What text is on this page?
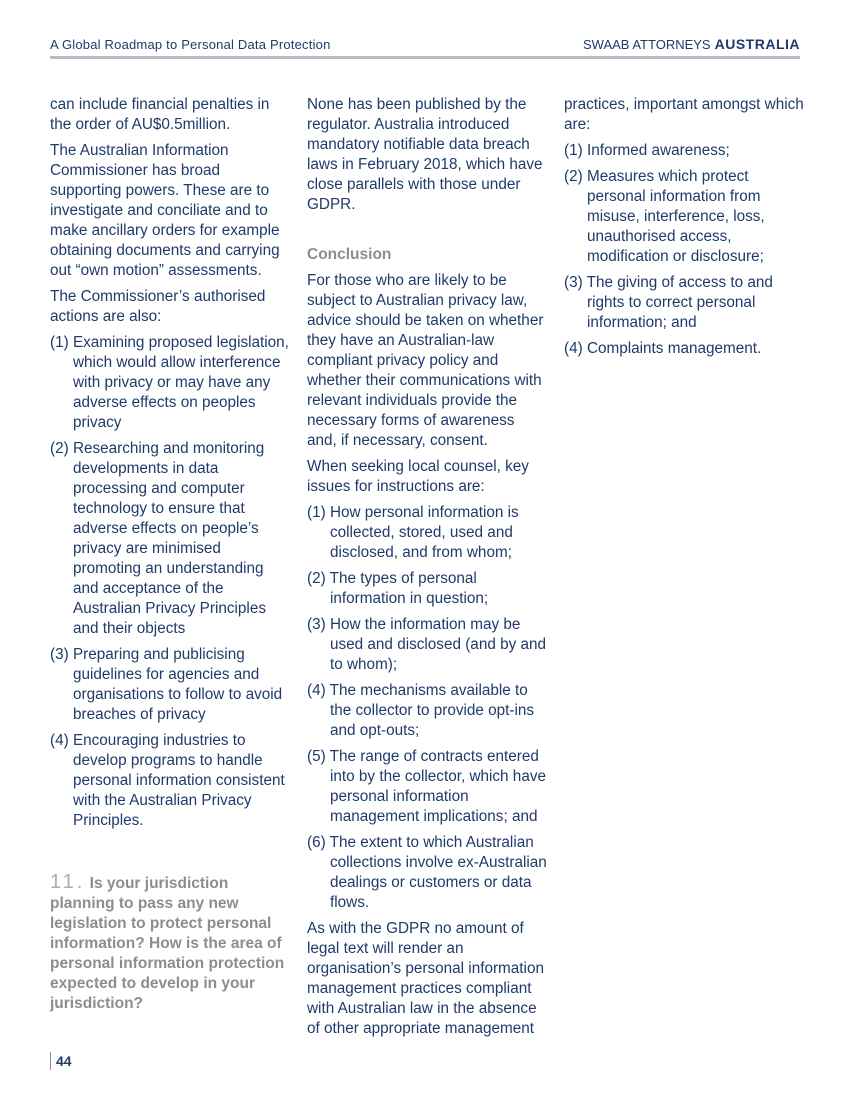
A Global Roadmap to Personal Data Protection	SWAAB ATTORNEYS AUSTRALIA

can include financial penalties in the order of AU$0.5million.

The Australian Information Commissioner has broad supporting powers. These are to investigate and conciliate and to make ancillary orders for example obtaining documents and carrying out “own motion” assessments.

The Commissioner’s authorised actions are also:

(1) Examining proposed legislation, which would allow interference with privacy or may have any adverse effects on peoples privacy
(2) Researching and monitoring developments in data processing and computer technology to ensure that adverse effects on people’s privacy are minimised promoting an understanding and acceptance of the Australian Privacy Principles and their objects
(3) Preparing and publicising guidelines for agencies and organisations to follow to avoid breaches of privacy
(4) Encouraging industries to develop programs to handle personal information consistent with the Australian Privacy Principles.
11. Is your jurisdiction planning to pass any new legislation to protect personal information? How is the area of personal information protection expected to develop in your jurisdiction?

None has been published by the regulator. Australia introduced mandatory notifiable data breach laws in February 2018, which have close parallels with those under GDPR.

Conclusion

For those who are likely to be subject to Australian privacy law, advice should be taken on whether they have an Australian-law compliant privacy policy and whether their communications with relevant individuals provide the necessary forms of awareness and, if necessary, consent.

When seeking local counsel, key issues for instructions are:

(1) How personal information is collected, stored, used and disclosed, and from whom;
(2) The types of personal information in question;
(3) How the information may be used and disclosed (and by and to whom);
(4) The mechanisms available to the collector to provide opt-ins and opt-outs;
(5) The range of contracts entered into by the collector, which have personal information management implications; and
(6) The extent to which Australian collections involve ex-Australian dealings or customers or data flows.

As with the GDPR no amount of legal text will render an organisation’s personal information management practices compliant with Australian law in the absence of other appropriate management

practices, important amongst which are:

(1) Informed awareness;
(2) Measures which protect personal information from misuse, interference, loss, unauthorised access, modification or disclosure;
(3) The giving of access to and rights to correct personal information; and
(4) Complaints management.
44
